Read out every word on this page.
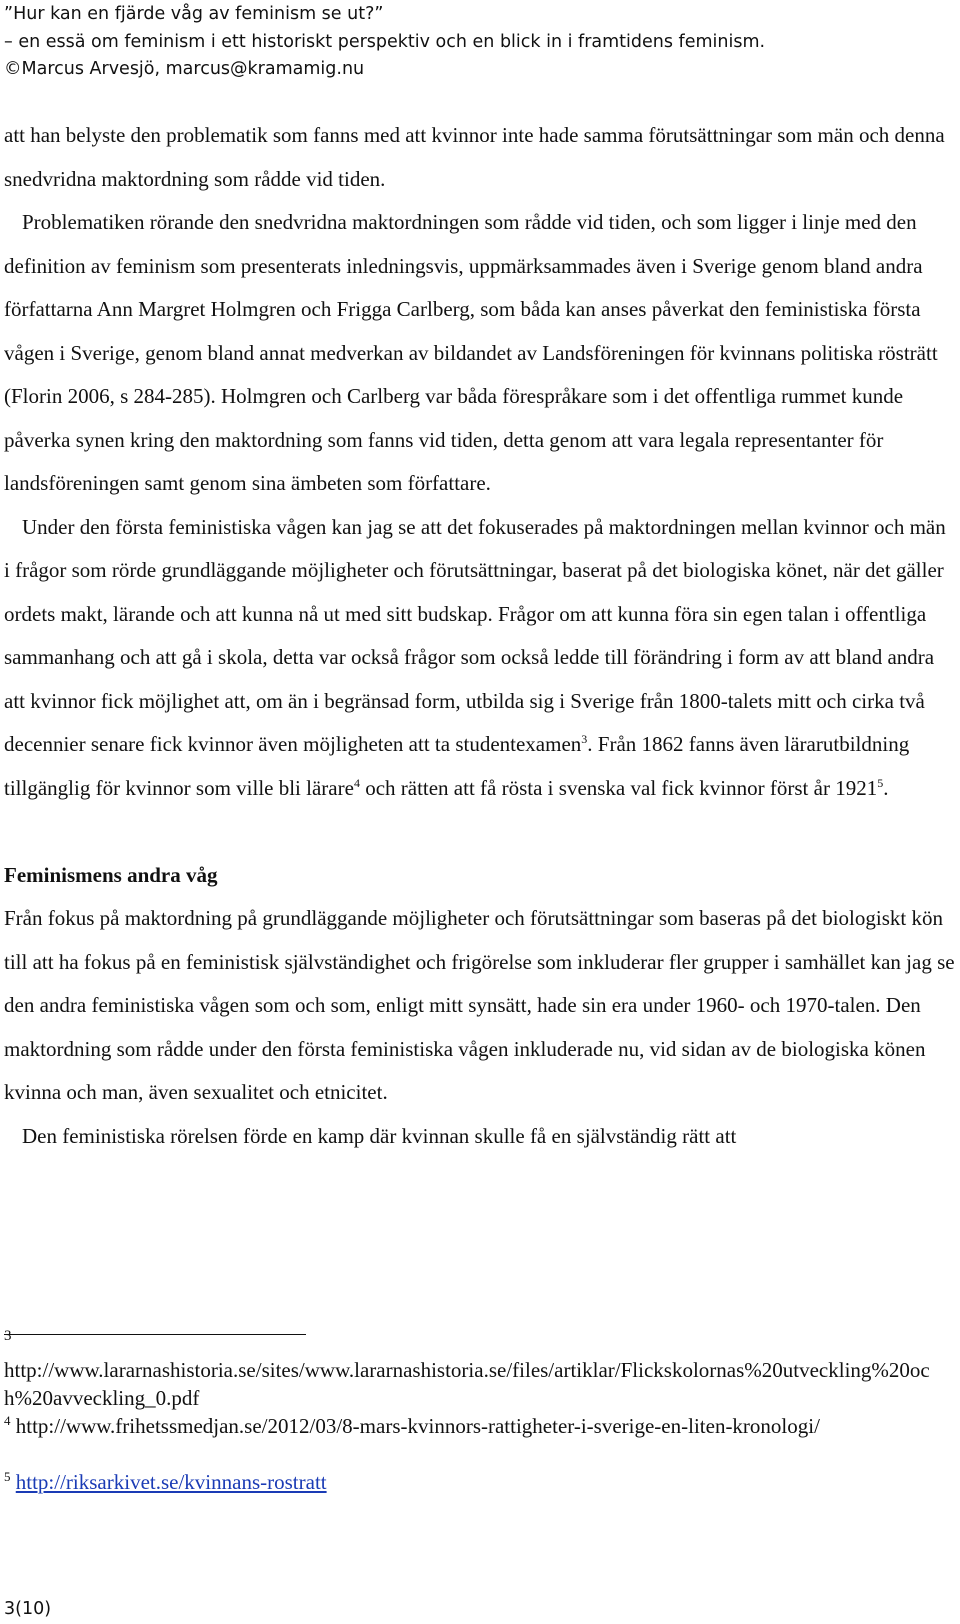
”Hur kan en fjärde våg av feminism se ut?”
– en essä om feminism i ett historiskt perspektiv och en blick in i framtidens feminism.
©Marcus Arvesjö, marcus@kramamig.nu

att han belyste den problematik som fanns med att kvinnor inte hade samma förutsättningar som män och denna snedvridna maktordning som rådde vid tiden.

Problematiken rörande den snedvridna maktordningen som rådde vid tiden, och som ligger i linje med den definition av feminism som presenterats inledningsvis, uppmärksammades även i Sverige genom bland andra författarna Ann Margret Holmgren och Frigga Carlberg, som båda kan anses påverkat den feministiska första vågen i Sverige, genom bland annat medverkan av bildandet av Landsföreningen för kvinnans politiska rösträtt (Florin 2006, s 284-285). Holmgren och Carlberg var båda förespråkare som i det offentliga rummet kunde påverka synen kring den maktordning som fanns vid tiden, detta genom att vara legala representanter för landsföreningen samt genom sina ämbeten som författare.

Under den första feministiska vågen kan jag se att det fokuserades på maktordningen mellan kvinnor och män i frågor som rörde grundläggande möjligheter och förutsättningar, baserat på det biologiska könet, när det gäller ordets makt, lärande och att kunna nå ut med sitt budskap. Frågor om att kunna föra sin egen talan i offentliga sammanhang och att gå i skola, detta var också frågor som också ledde till förändring i form av att bland andra att kvinnor fick möjlighet att, om än i begränsad form, utbilda sig i Sverige från 1800-talets mitt och cirka två decennier senare fick kvinnor även möjligheten att ta studentexamen$^3$. Från 1862 fanns även lärarutbildning tillgänglig för kvinnor som ville bli lärare$^4$ och rätten att få rösta i svenska val fick kvinnor först år 1921$^5$.

Feminismens andra våg

Från fokus på maktordning på grundläggande möjligheter och förutsättningar som baseras på det biologiskt kön till att ha fokus på en feministisk självständighet och frigörelse som inkluderar fler grupper i samhället kan jag se den andra feministiska vågen som och som, enligt mitt synsätt, hade sin era under 1960- och 1970-talen. Den maktordning som rådde under den första feministiska vågen inkluderade nu, vid sidan av de biologiska könen kvinna och man, även sexualitet och etnicitet.

Den feministiska rörelsen förde en kamp där kvinnan skulle få en självständig rätt att

3
http://www.lararnashistoria.se/sites/www.lararnashistoria.se/files/artiklar/Flickskolornas%20utveckling%20och%20avveckling_0.pdf
$^4$ http://www.frihetssmedjan.se/2012/03/8-mars-kvinnors-rattigheter-i-sverige-en-liten-kronologi/
$^5$ http://riksarkivet.se/kvinnans-rostratt
3(10)
